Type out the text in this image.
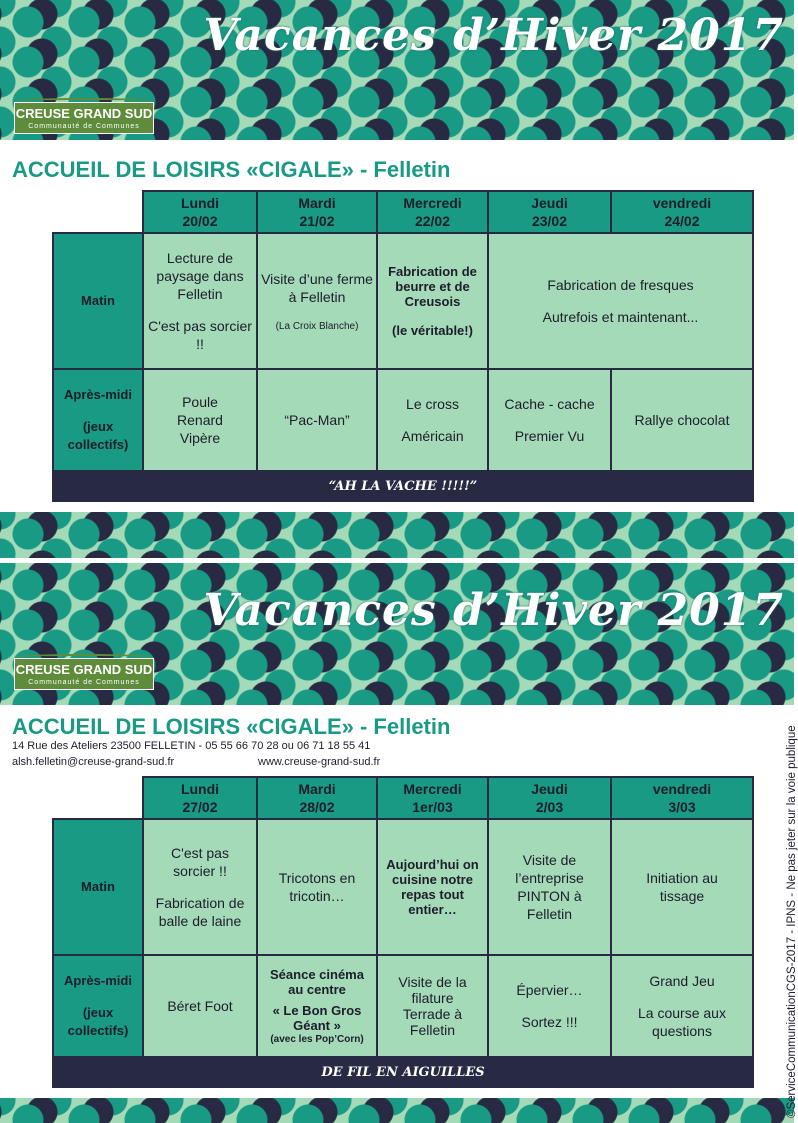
Vacances d’Hiver 2017
CREUSE GRAND SUD
Communauté de Communes
ACCUEIL DE LOISIRS «CIGALE» - Felletin
Lundi
20/02
Mardi
21/02
Mercredi
22/02
Jeudi
23/02
vendredi
24/02
Matin
Lecture de paysage dans Felletin
C'est pas sorcier !!
Visite d’une ferme à Felletin
(La Croix Blanche)
Fabrication de beurre et de Creusois
(le véritable!)
Fabrication de fresques
Autrefois et maintenant...
Après-midi
(jeux collectifs)
Poule Renard Vipère
“Pac-Man”
Le cross
Américain
Cache - cache
Premier Vu
Rallye chocolat
“AH LA VACHE !!!!!”
Vacances d’Hiver 2017
CREUSE GRAND SUD
Communauté de Communes
ACCUEIL DE LOISIRS «CIGALE» - Felletin
14 Rue des Ateliers 23500 FELLETIN - 05 55 66 70 28 ou 06 71 18 55 41
alsh.felletin@creuse-grand-sud.fr	www.creuse-grand-sud.fr
Lundi
27/02
Mardi
28/02
Mercredi
1er/03
Jeudi
2/03
vendredi
3/03
Matin
C'est pas sorcier !!
Fabrication de balle de laine
Tricotons en tricotin…
Aujourd’hui on cuisine notre repas tout entier…
Visite de l’entreprise PINTON à Felletin
Initiation au tissage
Après-midi
(jeux collectifs)
Béret Foot
Séance cinéma au centre
« Le Bon Gros Géant »
(avec les Pop’Corn)
Visite de la filature Terrade à Felletin
Épervier…
Sortez !!!
Grand Jeu
La course aux questions
DE FIL EN AIGUILLES	©ServiceCommunicationCGS-2017 - IPNS - Ne pas jeter sur la voie publique
